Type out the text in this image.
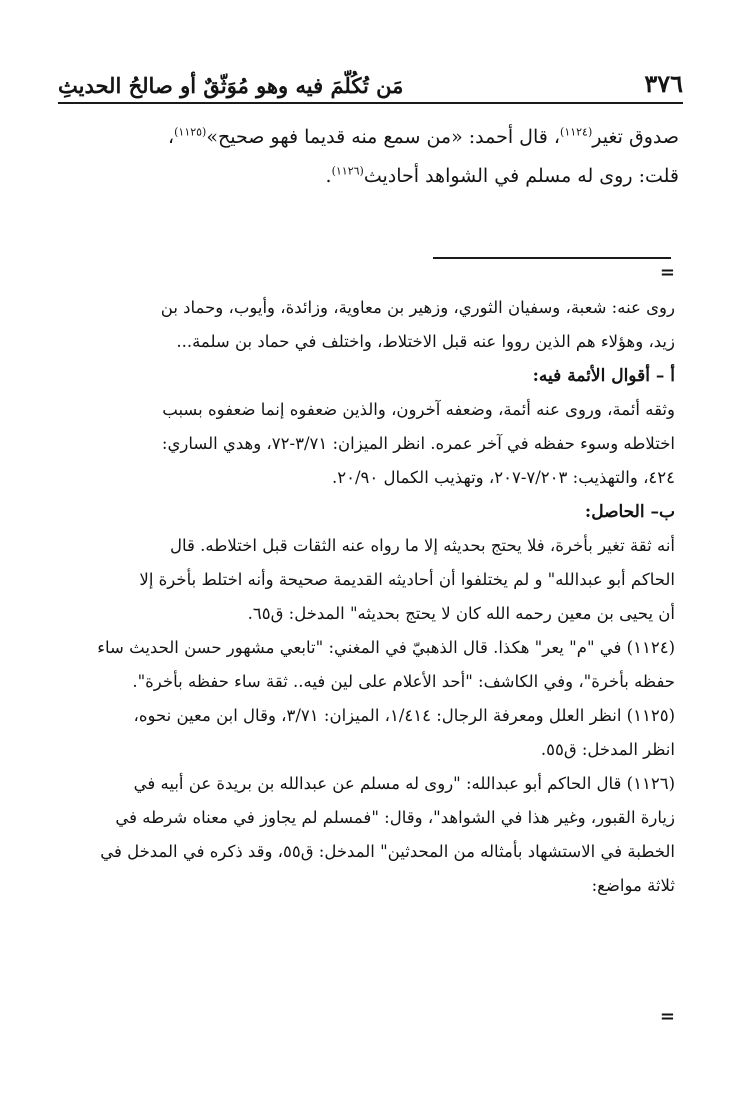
٣٧٦
مَن تُكُلّمَ فيه وهو مُوَثّقٌ أو صالحُ الحديثِ

صدوق تغير$^{(١١٢٤)}$، قال أحمد: «من سمع منه قديما فهو صحيح»$^{(١١٢٥)}$،

قلت: روى له مسلم في الشواهد أحاديث$^{(١١٢٦)}$.

=

روى عنه: شعبة، وسفيان الثوري، وزهير بن معاوية، وزائدة، وأيوب، وحماد بن

زيد، وهؤلاء هم الذين رووا عنه قبل الاختلاط، واختلف في حماد بن سلمة...

أ – أقوال الأئمة فيه:

وثقه أئمة، وروى عنه أئمة، وضعفه آخرون، والذين ضعفوه إنما ضعفوه بسبب

اختلاطه وسوء حفظه في آخر عمره. انظر الميزان: ٣/٧١-٧٢، وهدي الساري:

٤٢٤، والتهذيب: ٧/٢٠٣-٢٠٧، وتهذيب الكمال ٢٠/٩٠.

ب– الحاصل:

أنه ثقة تغير بأخرة، فلا يحتج بحديثه إلا ما رواه عنه الثقات قبل اختلاطه. قال

الحاكم أبو عبدالله" و لم يختلفوا أن أحاديثه القديمة صحيحة وأنه اختلط بأخرة إلا

أن يحيى بن معين رحمه الله كان لا يحتج بحديثه" المدخل: ق٦٥.

(١١٢٤) في "م" يعر" هكذا. قال الذهبيّ في المغني: "تابعي مشهور حسن الحديث ساء

حفظه بأخرة"، وفي الكاشف: "أحد الأعلام على لين فيه.. ثقة ساء حفظه بأخرة".

(١١٢٥) انظر العلل ومعرفة الرجال: ١/٤١٤، الميزان: ٣/٧١، وقال ابن معين نحوه،

انظر المدخل: ق٥٥.

(١١٢٦) قال الحاكم أبو عبدالله: "روى له مسلم عن عبدالله بن بريدة عن أبيه في

زيارة القبور، وغير هذا في الشواهد"، وقال: "فمسلم لم يجاوز في معناه شرطه في

الخطبة في الاستشهاد بأمثاله من المحدثين" المدخل: ق٥٥، وقد ذكره في المدخل في

ثلاثة مواضع:

=
